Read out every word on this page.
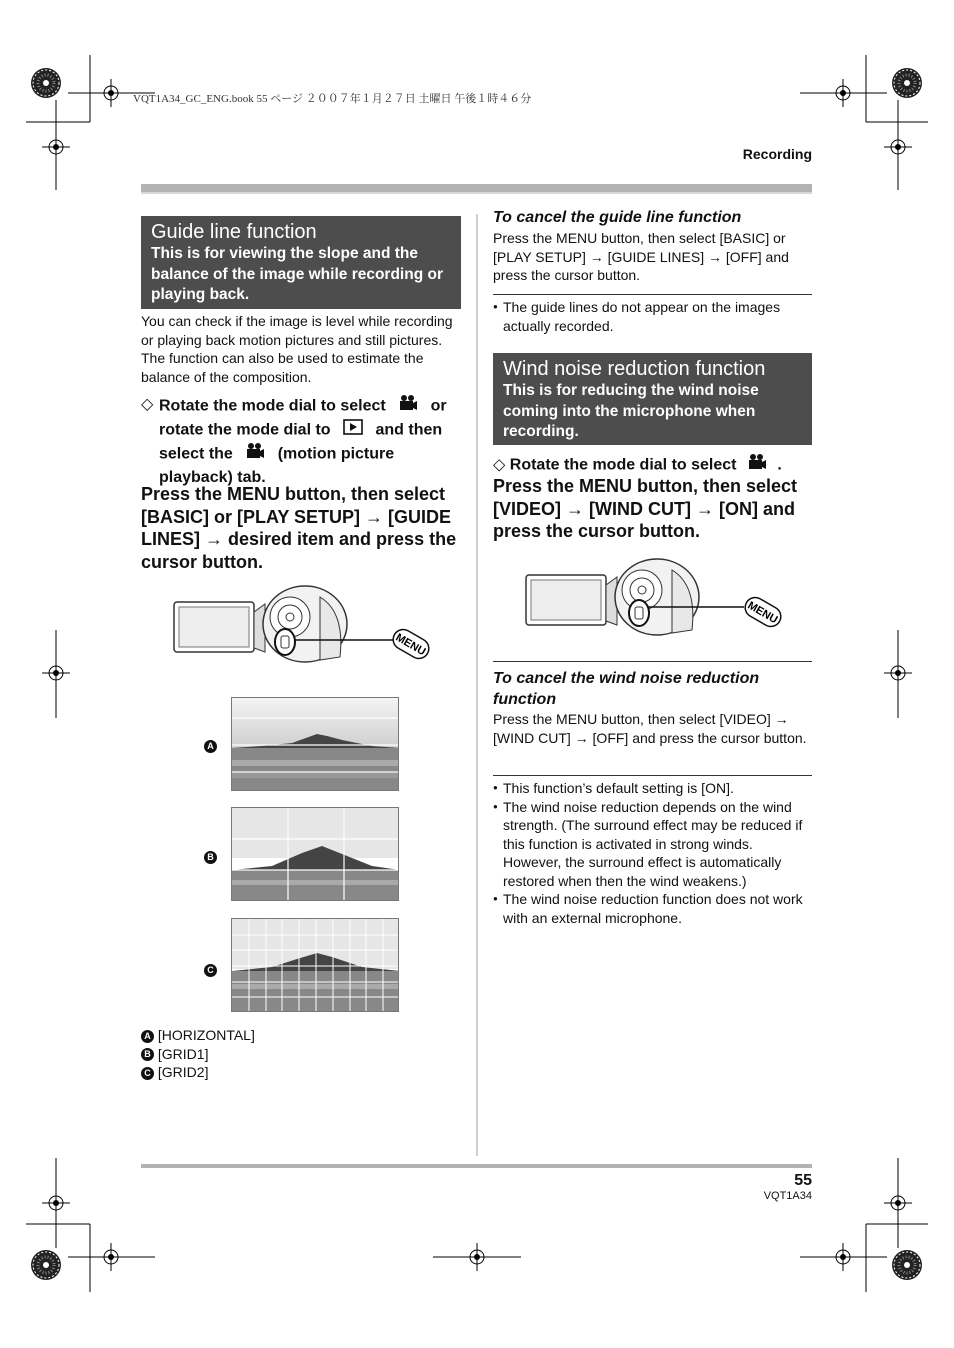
VQT1A34_GC_ENG.book 55 ページ ２００７年１月２７日 土曜日 午後１時４６分
Recording
Guide line function
This is for viewing the slope and the balance of the image while recording or playing back.
You can check if the image is level while recording or playing back motion pictures and still pictures. The function can also be used to estimate the balance of the composition.
◇ Rotate the mode dial to select	or rotate the mode dial to	and then select the	(motion picture playback) tab.
Press the MENU button, then select [BASIC] or [PLAY SETUP] → [GUIDE LINES] → desired item and press the cursor button.
MENU
A
B
C
A [HORIZONTAL]
B [GRID1]
C [GRID2]
To cancel the guide line function
Press the MENU button, then select [BASIC] or [PLAY SETUP] → [GUIDE LINES] → [OFF] and press the cursor button.
● The guide lines do not appear on the images actually recorded.
Wind noise reduction function
This is for reducing the wind noise coming into the microphone when recording.
◇ Rotate the mode dial to select	.
Press the MENU button, then select [VIDEO] → [WIND CUT] → [ON] and press the cursor button.
MENU
To cancel the wind noise reduction function
Press the MENU button, then select [VIDEO] → [WIND CUT] → [OFF] and press the cursor button.
● This function’s default setting is [ON].
● The wind noise reduction depends on the wind strength. (The surround effect may be reduced if this function is activated in strong winds. However, the surround effect is automatically restored when then the wind weakens.)
● The wind noise reduction function does not work with an external microphone.
55
VQT1A34
